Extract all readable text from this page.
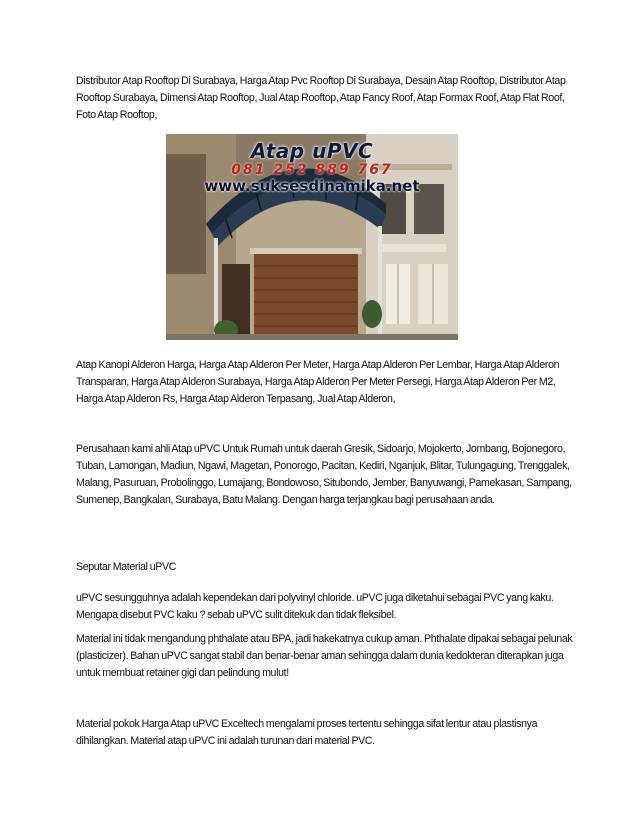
Distributor Atap Rooftop Di Surabaya, Harga Atap Pvc Rooftop Di Surabaya, Desain Atap Rooftop, Distributor Atap Rooftop Surabaya, Dimensi Atap Rooftop, Jual Atap Rooftop, Atap Fancy Roof, Atap Formax Roof, Atap Flat Roof, Foto Atap Rooftop,

Atap uPVC
081 252 889 767
www.suksesdinamika.net

Atap Kanopi Alderon Harga, Harga Atap Alderon Per Meter, Harga Atap Alderon Per Lembar, Harga Atap Alderon Transparan, Harga Atap Alderon Surabaya, Harga Atap Alderon Per Meter Persegi, Harga Atap Alderon Per M2, Harga Atap Alderon Rs, Harga Atap Alderon Terpasang, Jual Atap Alderon,

Perusahaan kami ahli Atap uPVC Untuk Rumah untuk daerah Gresik, Sidoarjo, Mojokerto, Jombang, Bojonegoro, Tuban, Lamongan, Madiun, Ngawi, Magetan, Ponorogo, Pacitan, Kediri, Nganjuk, Blitar, Tulungagung, Trenggalek, Malang, Pasuruan, Probolinggo, Lumajang, Bondowoso, Situbondo, Jember, Banyuwangi, Pamekasan, Sampang, Sumenep, Bangkalan, Surabaya, Batu Malang. Dengan harga terjangkau bagi perusahaan anda.

Seputar Material uPVC

uPVC sesungguhnya adalah kependekan dari polyvinyl chloride. uPVC juga diketahui sebagai PVC yang kaku. Mengapa disebut PVC kaku ? sebab uPVC sulit ditekuk dan tidak fleksibel.

Material ini tidak mengandung phthalate atau BPA, jadi hakekatnya cukup aman. Phthalate dipakai sebagai pelunak (plasticizer). Bahan uPVC sangat stabil dan benar-benar aman sehingga dalam dunia kedokteran diterapkan juga untuk membuat retainer gigi dan pelindung mulut!

Material pokok Harga Atap uPVC Exceltech mengalami proses tertentu sehingga sifat lentur atau plastisnya dihilangkan. Material atap uPVC ini adalah turunan dari material PVC.
